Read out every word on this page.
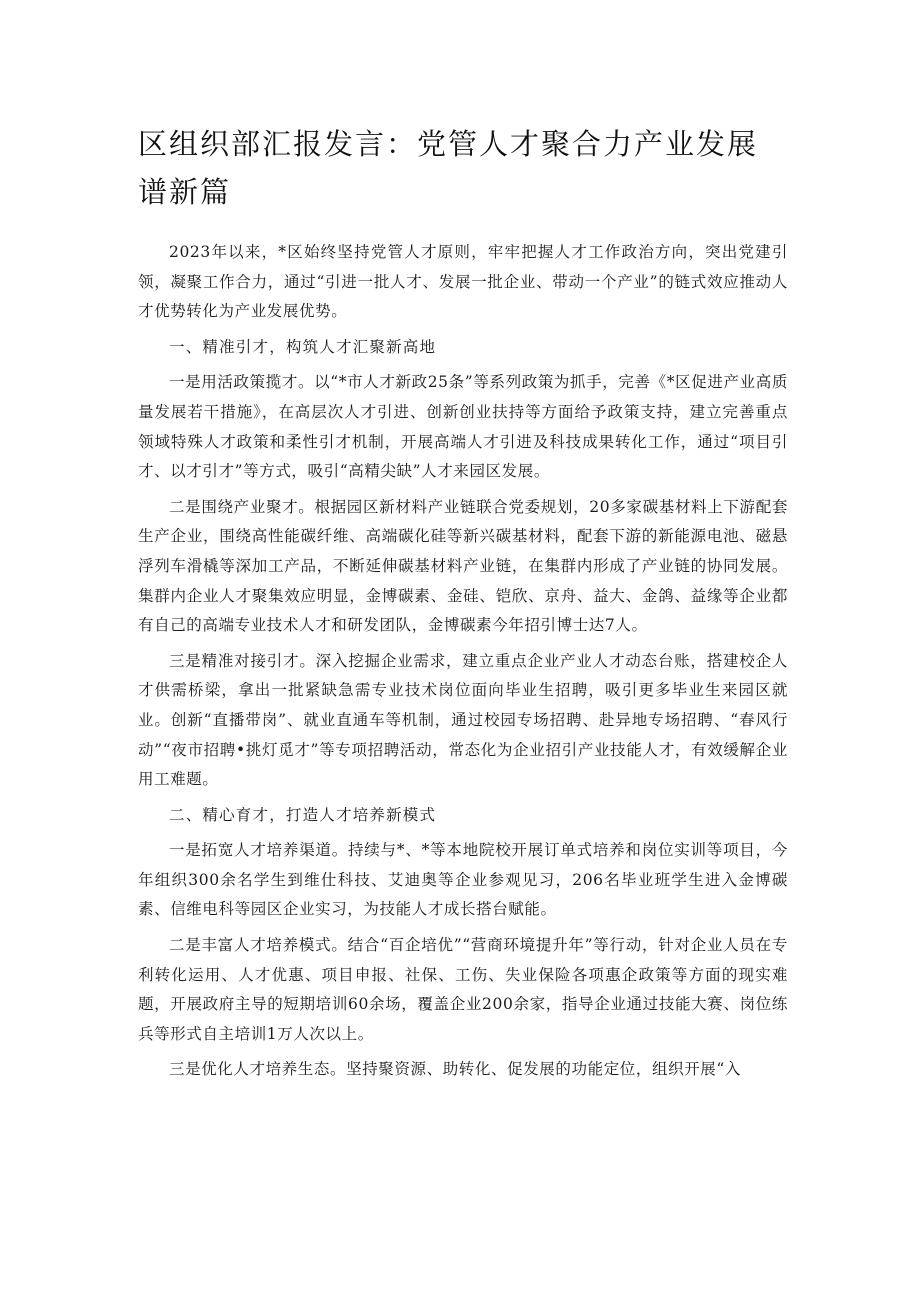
区组织部汇报发言：党管人才聚合力产业发展谱新篇

2023年以来，*区始终坚持党管人才原则，牢牢把握人才工作政治方向，突出党建引领，凝聚工作合力，通过“引进一批人才、发展一批企业、带动一个产业”的链式效应推动人才优势转化为产业发展优势。

一、精准引才，构筑人才汇聚新高地

一是用活政策揽才。以“*市人才新政25条”等系列政策为抓手，完善《*区促进产业高质量发展若干措施》，在高层次人才引进、创新创业扶持等方面给予政策支持，建立完善重点领域特殊人才政策和柔性引才机制，开展高端人才引进及科技成果转化工作，通过“项目引才、以才引才”等方式，吸引“高精尖缺”人才来园区发展。

二是围绕产业聚才。根据园区新材料产业链联合党委规划，20多家碳基材料上下游配套生产企业，围绕高性能碳纤维、高端碳化硅等新兴碳基材料，配套下游的新能源电池、磁悬浮列车滑橇等深加工产品，不断延伸碳基材料产业链，在集群内形成了产业链的协同发展。集群内企业人才聚集效应明显，金博碳素、金硅、铠欣、京舟、益大、金鸽、益缘等企业都有自己的高端专业技术人才和研发团队，金博碳素今年招引博士达7人。

三是精准对接引才。深入挖掘企业需求，建立重点企业产业人才动态台账，搭建校企人才供需桥梁，拿出一批紧缺急需专业技术岗位面向毕业生招聘，吸引更多毕业生来园区就业。创新“直播带岗”、就业直通车等机制，通过校园专场招聘、赴异地专场招聘、“春风行动”“夜市招聘•挑灯觅才”等专项招聘活动，常态化为企业招引产业技能人才，有效缓解企业用工难题。

二、精心育才，打造人才培养新模式

一是拓宽人才培养渠道。持续与*、*等本地院校开展订单式培养和岗位实训等项目，今年组织300余名学生到维仕科技、艾迪奥等企业参观见习，206名毕业班学生进入金博碳素、信维电科等园区企业实习，为技能人才成长搭台赋能。

二是丰富人才培养模式。结合“百企培优”“营商环境提升年”等行动，针对企业人员在专利转化运用、人才优惠、项目申报、社保、工伤、失业保险各项惠企政策等方面的现实难题，开展政府主导的短期培训60余场，覆盖企业200余家，指导企业通过技能大赛、岗位练兵等形式自主培训1万人次以上。

三是优化人才培养生态。坚持聚资源、助转化、促发展的功能定位，组织开展“入
